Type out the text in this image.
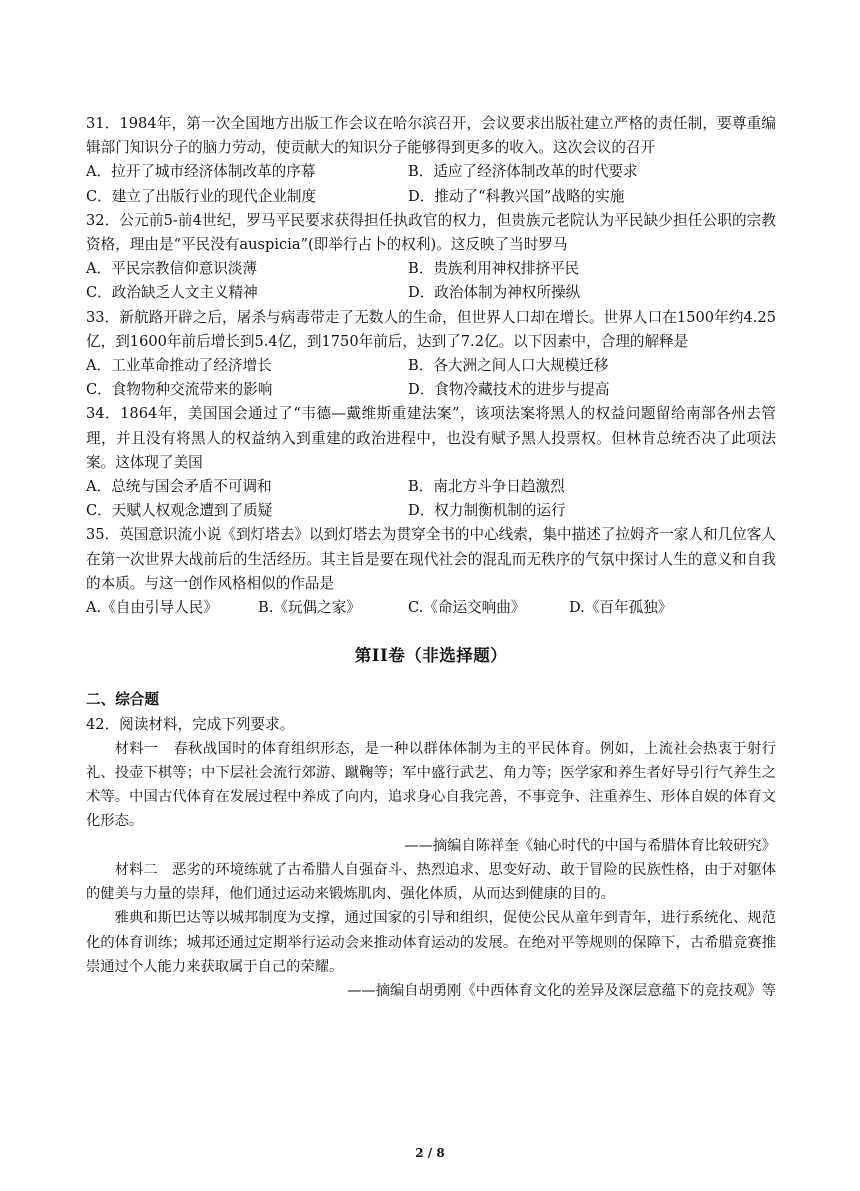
31．1984年，第一次全国地方出版工作会议在哈尔滨召开，会议要求出版社建立严格的责任制，要尊重编辑部门知识分子的脑力劳动，使贡献大的知识分子能够得到更多的收入。这次会议的召开

A．拉开了城市经济体制改革的序幕	B．适应了经济体制改革的时代要求
C．建立了出版行业的现代企业制度	D．推动了“科教兴国”战略的实施

32．公元前5-前4世纪，罗马平民要求获得担任执政官的权力，但贵族元老院认为平民缺少担任公职的宗教资格，理由是“平民没有auspicia”(即举行占卜的权利)。这反映了当时罗马

A．平民宗教信仰意识淡薄	B．贵族利用神权排挤平民
C．政治缺乏人文主义精神	D．政治体制为神权所操纵

33．新航路开辟之后，屠杀与病毒带走了无数人的生命，但世界人口却在增长。世界人口在1500年约4.25亿，到1600年前后增长到5.4亿，到1750年前后，达到了7.2亿。以下因素中，合理的解释是

A．工业革命推动了经济增长	B．各大洲之间人口大规模迁移
C．食物物种交流带来的影响	D．食物冷藏技术的进步与提高

34．1864年，美国国会通过了“韦德—戴维斯重建法案”，该项法案将黑人的权益问题留给南部各州去管理，并且没有将黑人的权益纳入到重建的政治进程中，也没有赋予黑人投票权。但林肯总统否决了此项法案。这体现了美国

A．总统与国会矛盾不可调和	B．南北方斗争日趋激烈
C．天赋人权观念遭到了质疑	D．权力制衡机制的运行

35．英国意识流小说《到灯塔去》以到灯塔去为贯穿全书的中心线索，集中描述了拉姆齐一家人和几位客人在第一次世界大战前后的生活经历。其主旨是要在现代社会的混乱而无秩序的气氛中探讨人生的意义和自我的本质。与这一创作风格相似的作品是

A.《自由引导人民》	B.《玩偶之家》	C.《命运交响曲》	D.《百年孤独》
第II卷（非选择题）

二、综合题

42．阅读材料，完成下列要求。

材料一　春秋战国时的体育组织形态，是一种以群体体制为主的平民体育。例如，上流社会热衷于射行礼、投壶下棋等；中下层社会流行郊游、蹴鞠等；军中盛行武艺、角力等；医学家和养生者好导引行气养生之术等。中国古代体育在发展过程中养成了向内，追求身心自我完善，不事竞争、注重养生、形体自娱的体育文化形态。

——摘编自陈祥奎《轴心时代的中国与希腊体育比较研究》

材料二　恶劣的环境练就了古希腊人自强奋斗、热烈追求、思变好动、敢于冒险的民族性格，由于对躯体的健美与力量的崇拜，他们通过运动来锻炼肌肉、强化体质，从而达到健康的目的。

雅典和斯巴达等以城邦制度为支撑，通过国家的引导和组织，促使公民从童年到青年，进行系统化、规范化的体育训练；城邦还通过定期举行运动会来推动体育运动的发展。在绝对平等规则的保障下，古希腊竞赛推崇通过个人能力来获取属于自己的荣耀。

——摘编自胡勇刚《中西体育文化的差异及深层意蕴下的竞技观》等

2 / 8
